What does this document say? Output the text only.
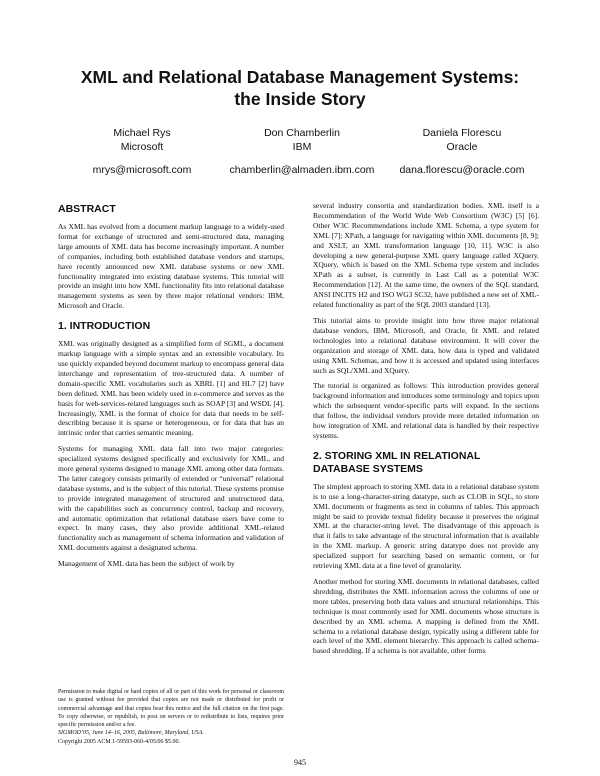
XML and Relational Database Management Systems:
the Inside Story
Michael Rys
Microsoft
mrys@microsoft.com
Don Chamberlin
IBM
chamberlin@almaden.ibm.com
Daniela Florescu
Oracle
dana.florescu@oracle.com
ABSTRACT

As XML has evolved from a document markup language to a widely-used format for exchange of structured and semi-structured data, managing large amounts of XML data has become increasingly important. A number of companies, including both established database vendors and startups, have recently announced new XML database systems or new XML functionality integrated into existing database systems. This tutorial will provide an insight into how XML functionality fits into relational database management systems as seen by three major relational vendors: IBM, Microsoft and Oracle.

1. INTRODUCTION

XML was originally designed as a simplified form of SGML, a document markup language with a simple syntax and an extensible vocabulary. Its use quickly expanded beyond document markup to encompass general data interchange and representation of tree-structured data. A number of domain-specific XML vocabularies such as XBRL [1] and HL7 [2] have been defined. XML has been widely used in e-commerce and serves as the basis for web-services-related languages such as SOAP [3] and WSDL [4]. Increasingly, XML is the format of choice for data that needs to be self-describing because it is sparse or heterogeneous, or for data that has an intrinsic order that carries semantic meaning.

Systems for managing XML data fall into two major categories: specialized systems designed specifically and exclusively for XML, and more general systems designed to manage XML among other data formats. The latter category consists primarily of extended or “universal” relational database systems, and is the subject of this tutorial. These systems promise to provide integrated management of structured and unstructured data, with the capabilities such as concurrency control, backup and recovery, and automatic optimization that relational database users have come to expect. In many cases, they also provide additional XML-related functionality such as management of schema information and validation of XML documents against a designated schema.

Management of XML data has been the subject of work by

Permission to make digital or hard copies of all or part of this work for personal or classroom use is granted without fee provided that copies are not made or distributed for profit or commercial advantage and that copies bear this notice and the full citation on the first page. To copy otherwise, or republish, to post on servers or to redistribute to lists, requires prior specific permission and/or a fee.

SIGMOD’05, June 14–16, 2005, Baltimore, Maryland, USA.

Copyright 2005 ACM 1-59593-060-4/05/06 $5.00.

several industry consortia and standardization bodies. XML itself is a Recommendation of the World Wide Web Consortium (W3C) [5] [6]. Other W3C Recommendations include XML Schema, a type system for XML [7]; XPath, a language for navigating within XML documents [8, 9]; and XSLT, an XML transformation language [10, 11]. W3C is also developing a new general-purpose XML query language called XQuery. XQuery, which is based on the XML Schema type system and includes XPath as a subset, is currently in Last Call as a potential W3C Recommendation [12]. At the same time, the owners of the SQL standard, ANSI INCITS H2 and ISO WG3 SC32, have published a new set of XML-related functionality as part of the SQL 2003 standard [13].

This tutorial aims to provide insight into how three major relational database vendors, IBM, Microsoft, and Oracle, fit XML and related technologies into a relational database environment. It will cover the organization and storage of XML data, how data is typed and validated using XML Schemas, and how it is accessed and updated using interfaces such as SQL/XML and XQuery.

The tutorial is organized as follows: This introduction provides general background information and introduces some terminology and topics upon which the subsequent vendor-specific parts will expand. In the sections that follow, the individual vendors provide more detailed information on how integration of XML and relational data is handled by their respective systems.

2. STORING XML IN RELATIONAL
DATABASE SYSTEMS

The simplest approach to storing XML data in a relational database system is to use a long-character-string datatype, such as CLOB in SQL, to store XML documents or fragments as text in columns of tables. This approach might be said to provide textual fidelity because it preserves the original XML at the character-string level. The disadvantage of this approach is that it fails to take advantage of the structural information that is available in the XML markup. A generic string datatype does not provide any specialized support for searching based on semantic content, or for retrieving XML data at a fine level of granularity.

Another method for storing XML documents in relational databases, called shredding, distributes the XML information across the columns of one or more tables, preserving both data values and structural relationships. This technique is most commonly used for XML documents whose structure is described by an XML schema. A mapping is defined from the XML schema to a relational database design, typically using a different table for each level of the XML element hierarchy. This approach is called schema-based shredding. If a schema is not available, other forms

945
